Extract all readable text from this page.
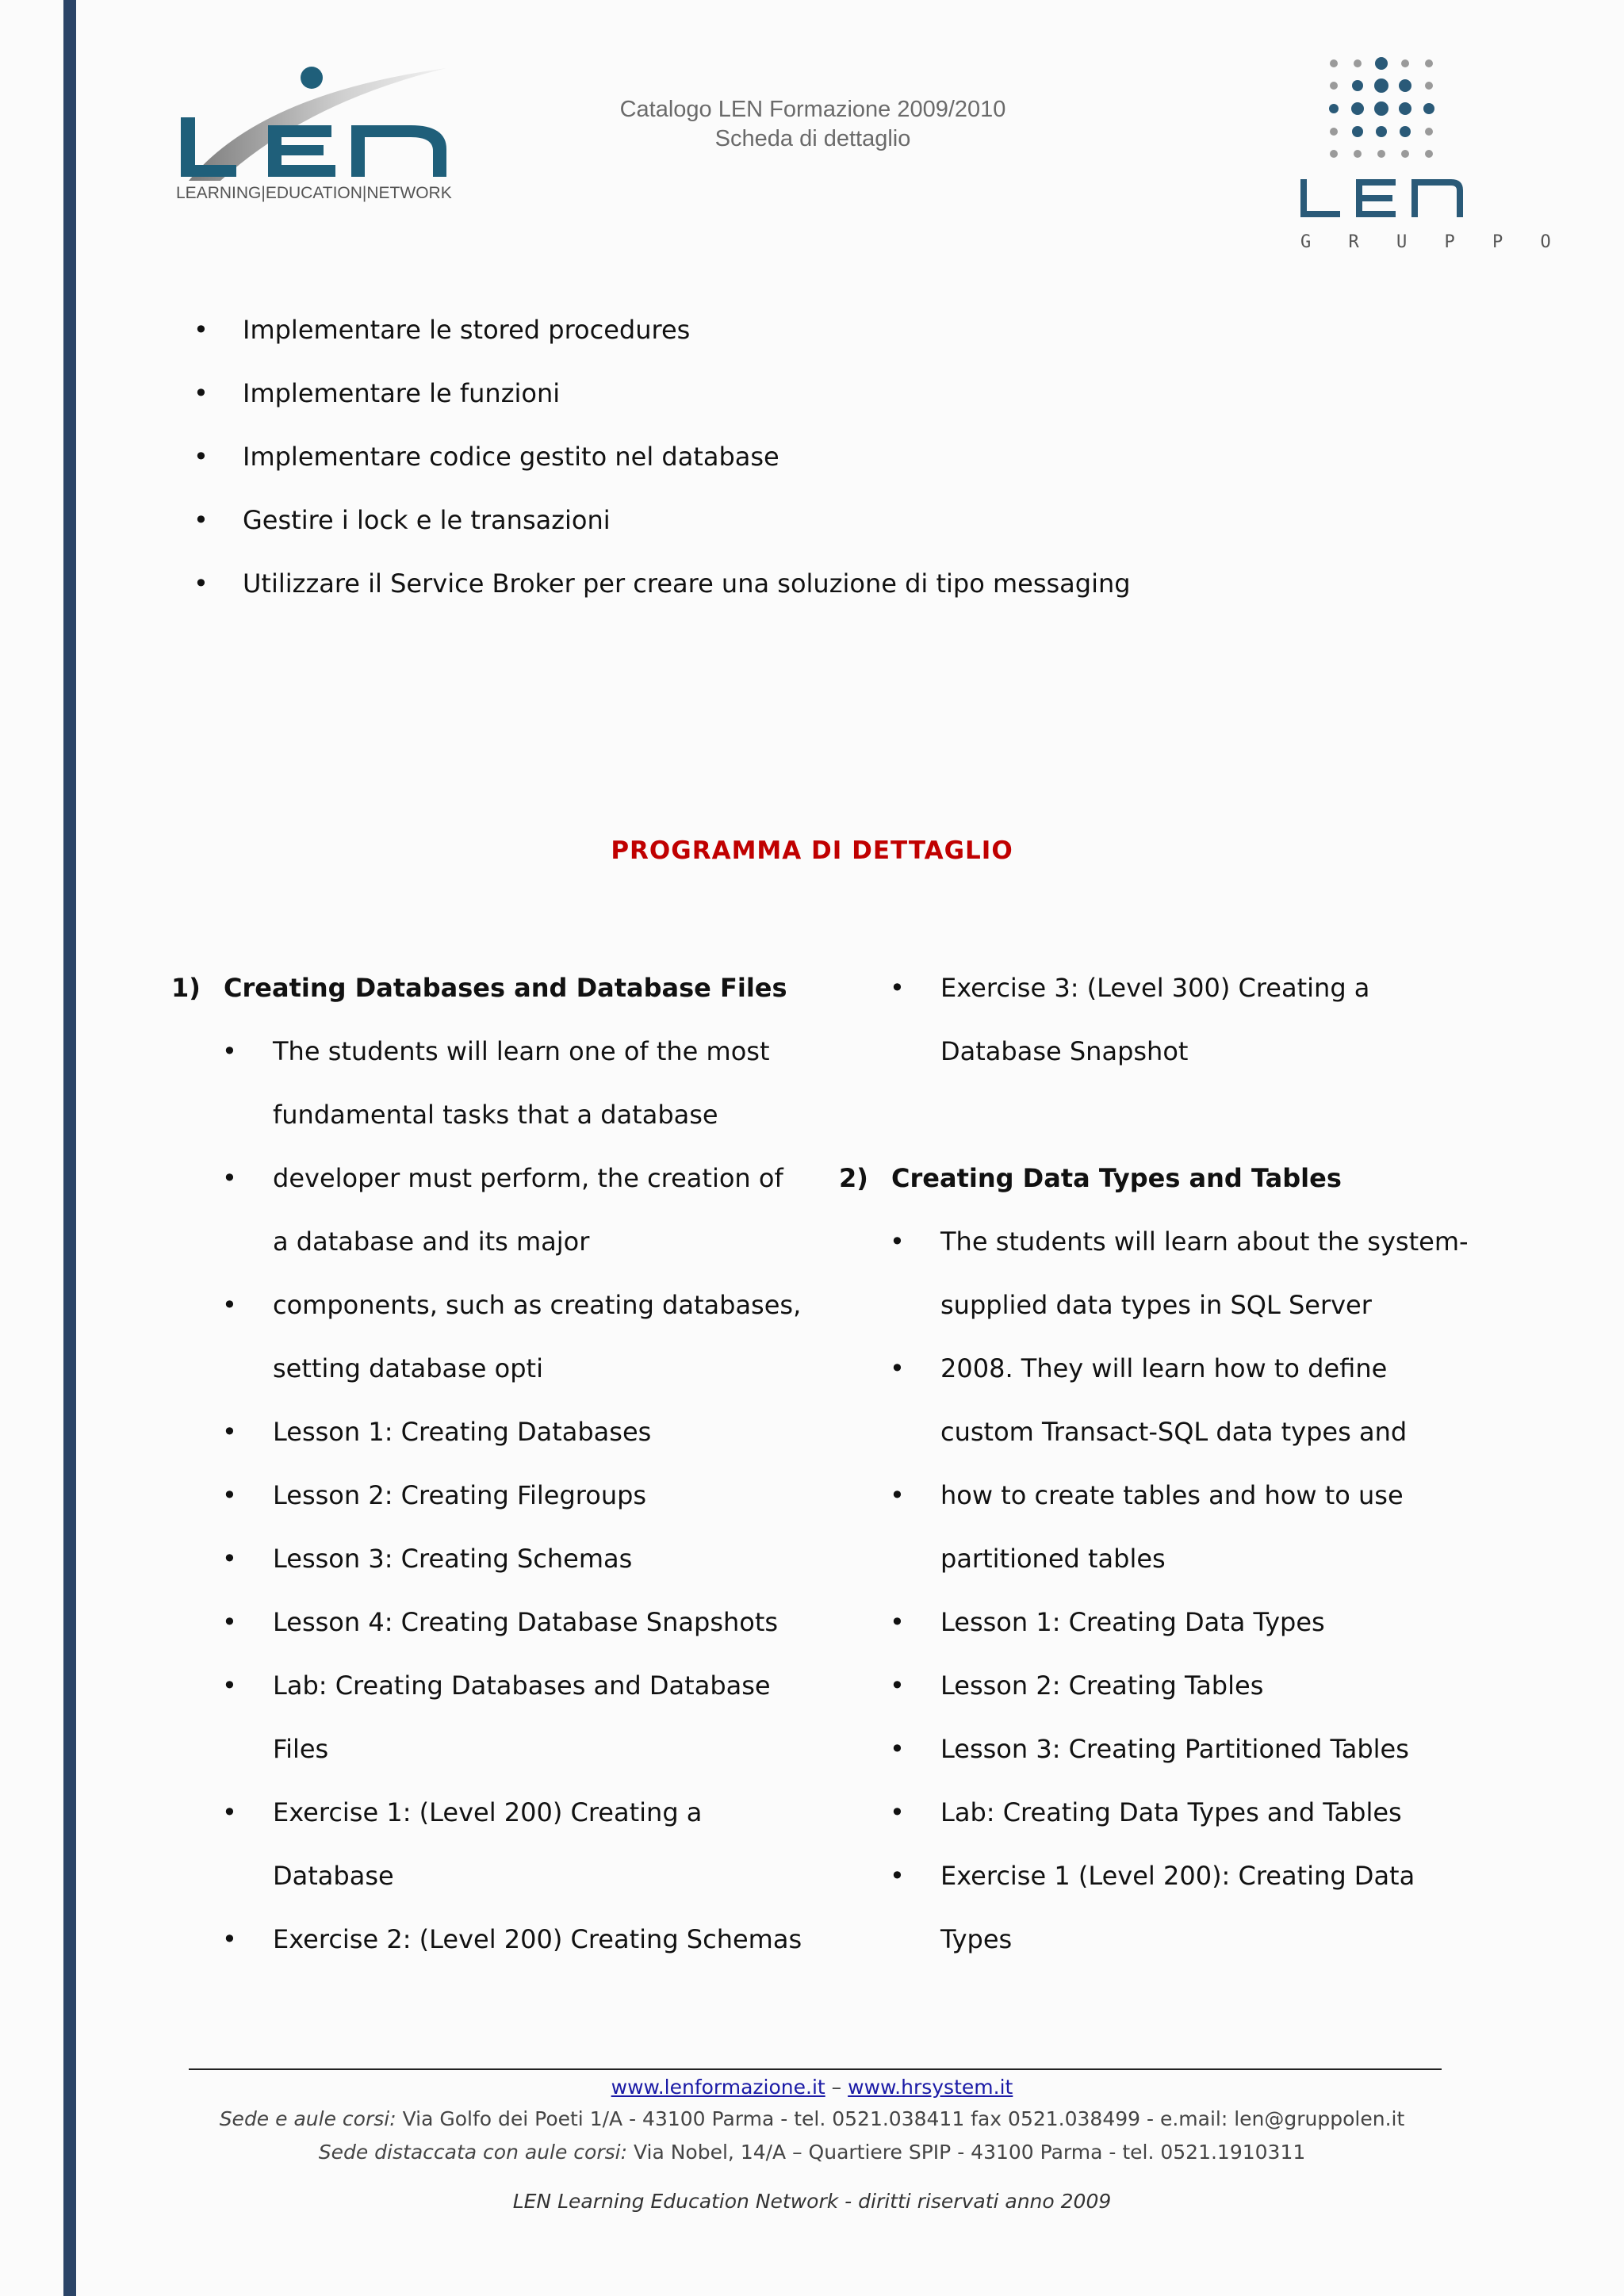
LEARNING|EDUCATION|NETWORK
Catalogo LEN Formazione 2009/2010
Scheda di dettaglio
G R U P P O
• Implementare le stored procedures
• Implementare le funzioni
• Implementare codice gestito nel database
• Gestire i lock e le transazioni
• Utilizzare il Service Broker per creare una soluzione di tipo messaging
PROGRAMMA DI DETTAGLIO
1) Creating Databases and Database Files
• The students will learn one of the most
fundamental tasks that a database
• developer must perform, the creation of
a database and its major
• components, such as creating databases,
setting database opti
• Lesson 1: Creating Databases
• Lesson 2: Creating Filegroups
• Lesson 3: Creating Schemas
• Lesson 4: Creating Database Snapshots
• Lab: Creating Databases and Database
Files
• Exercise 1: (Level 200) Creating a
Database
• Exercise 2: (Level 200) Creating Schemas
• Exercise 3: (Level 300) Creating a
Database Snapshot
2) Creating Data Types and Tables
• The students will learn about the system-
supplied data types in SQL Server
• 2008. They will learn how to define
custom Transact-SQL data types and
• how to create tables and how to use
partitioned tables
• Lesson 1: Creating Data Types
• Lesson 2: Creating Tables
• Lesson 3: Creating Partitioned Tables
• Lab: Creating Data Types and Tables
• Exercise 1 (Level 200): Creating Data
Types
www.lenformazione.it – www.hrsystem.it
Sede e aule corsi: Via Golfo dei Poeti 1/A - 43100 Parma - tel. 0521.038411 fax 0521.038499 - e.mail: len@gruppolen.it
Sede distaccata con aule corsi: Via Nobel, 14/A – Quartiere SPIP - 43100 Parma - tel. 0521.1910311
LEN Learning Education Network - diritti riservati anno 2009
